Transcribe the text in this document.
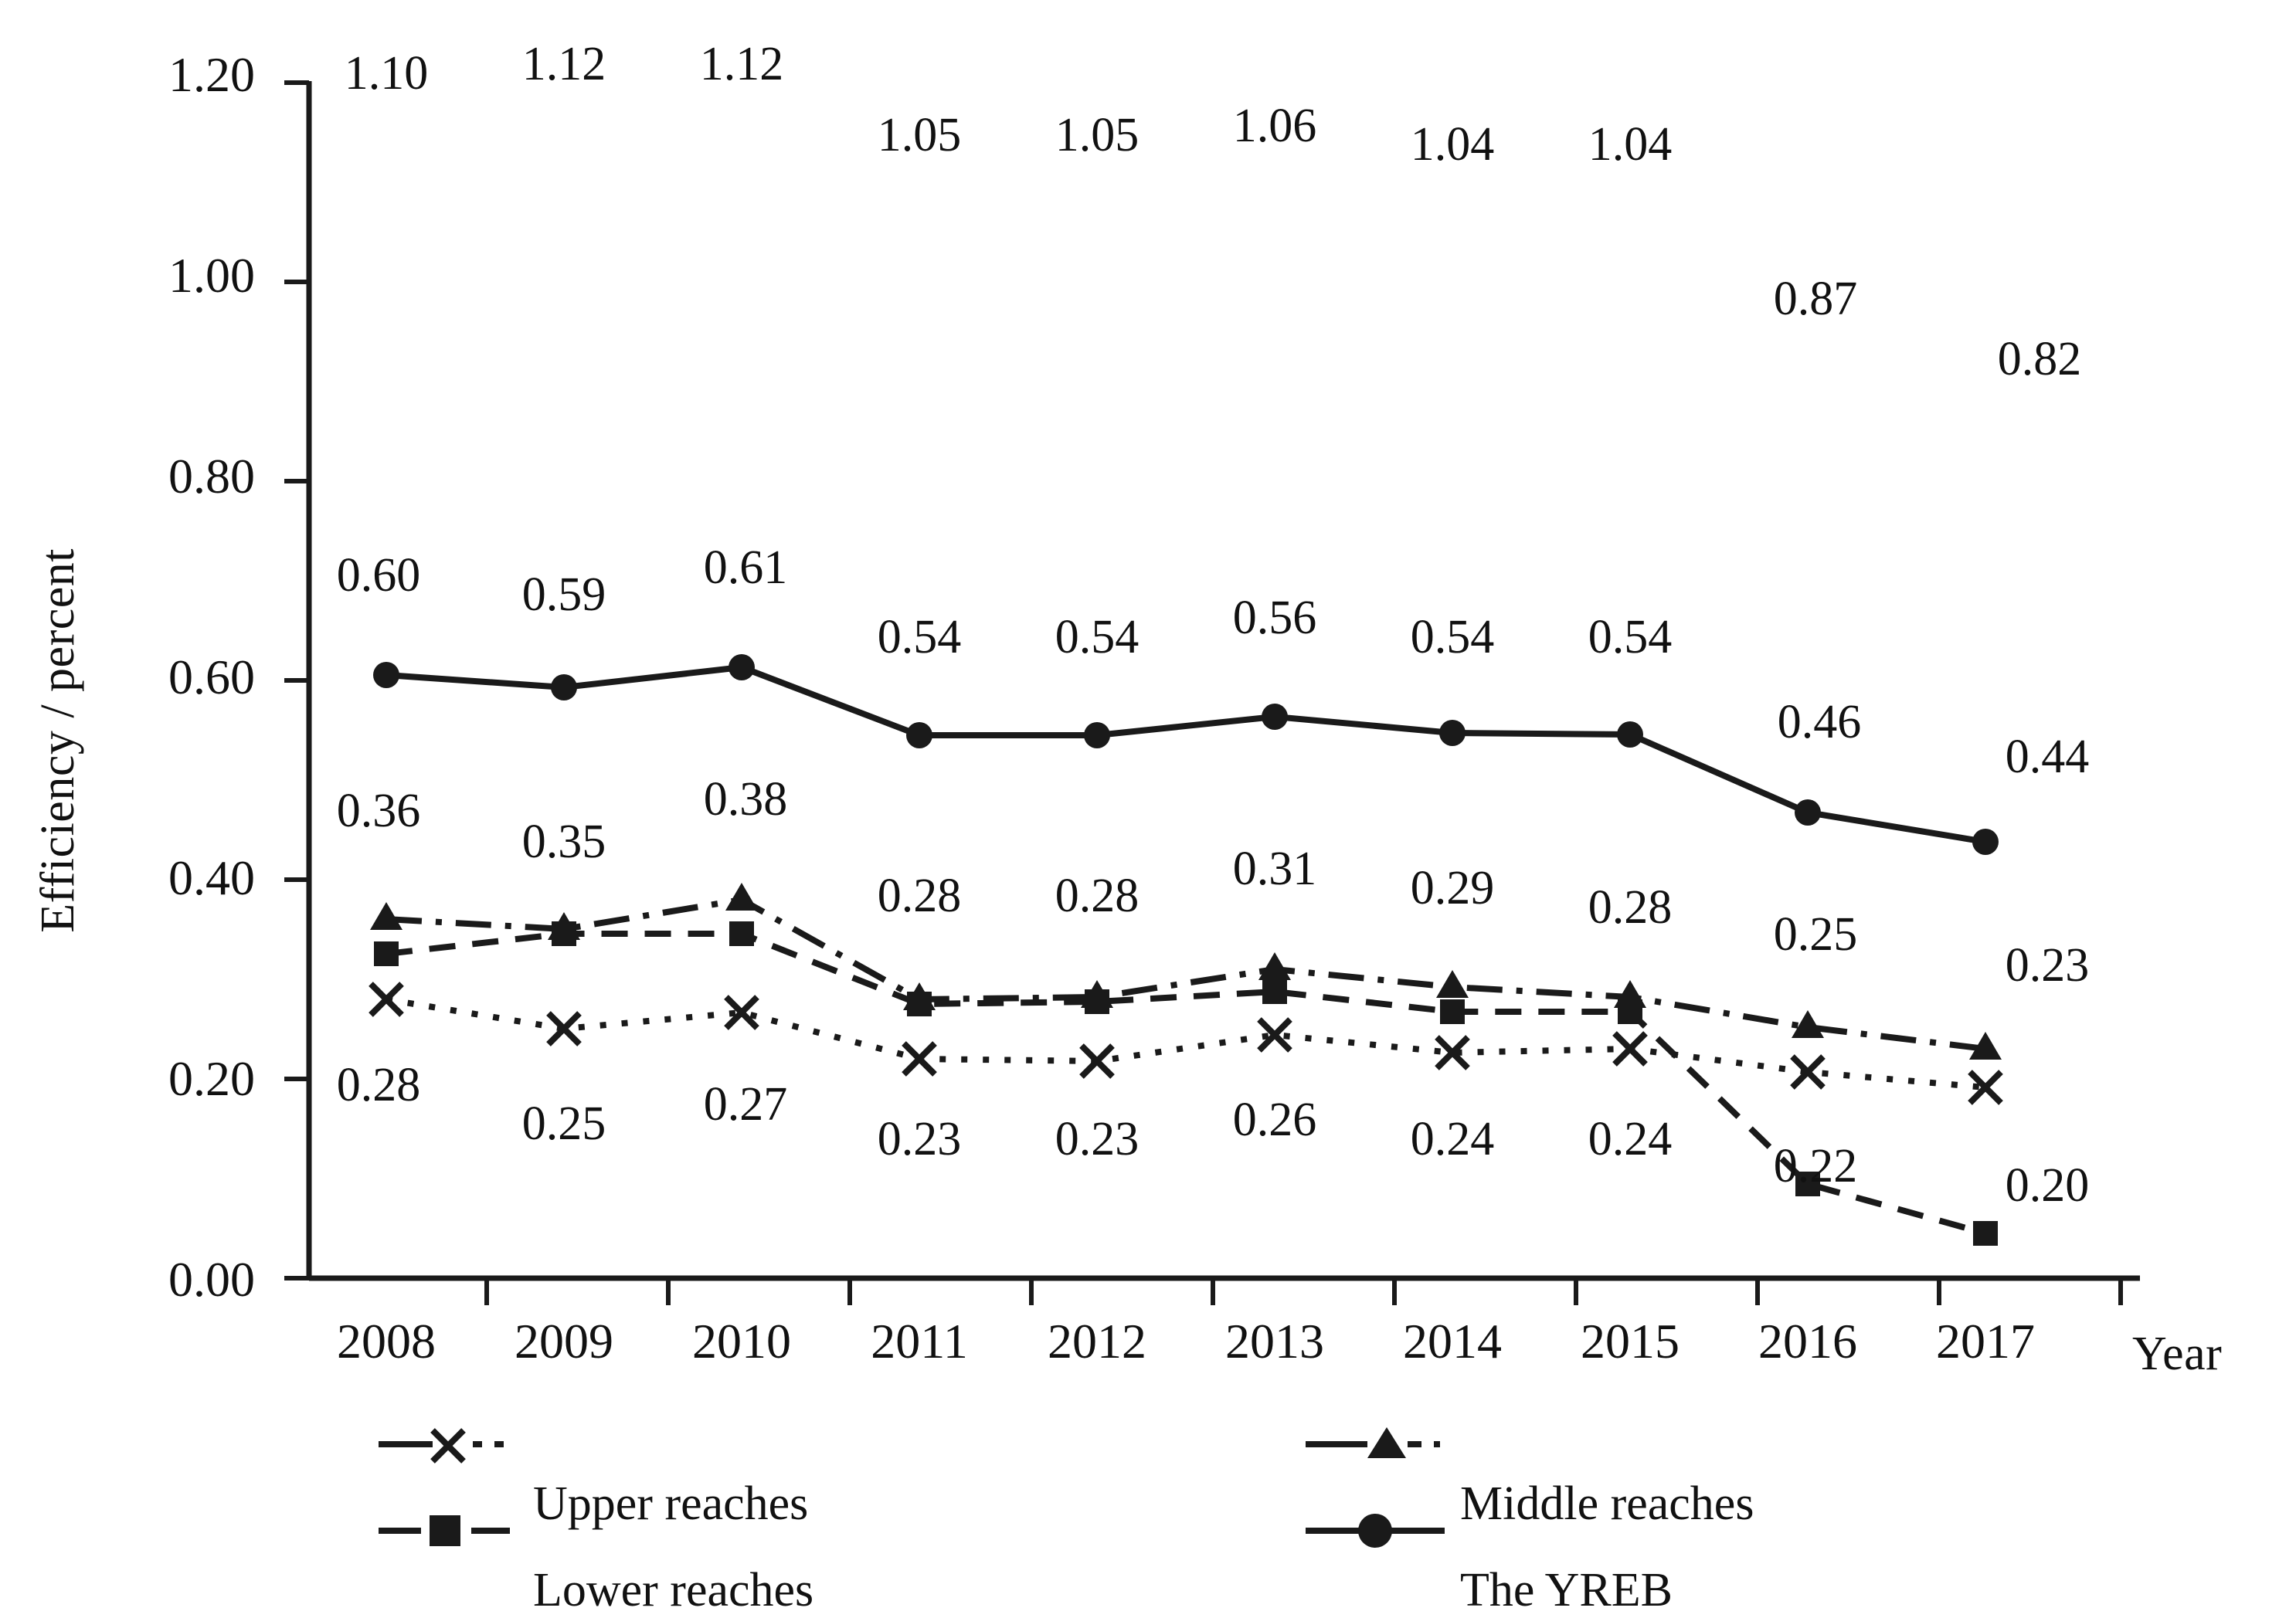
Efficiency / percent
Year
0.00
0.20
0.40
0.60
0.80
1.00
1.20
2008 2009 2010 2011 2012 2013 2014 2015 2016 2017
1.10 1.12 1.12
1.05 1.05 1.06 1.04 1.04
0.87
0.82
0.60 0.59
0.61
0.54 0.54 0.56 0.54 0.54
0.46
0.44
0.36
0.35
0.38
0.28 0.28
0.31 0.29 0.28
0.25
0.23
0.28
0.25 0.27
0.23 0.23 0.26 0.24 0.24
0.22	0.20
Upper reaches	Middle reaches
Lower reaches	The YREB
